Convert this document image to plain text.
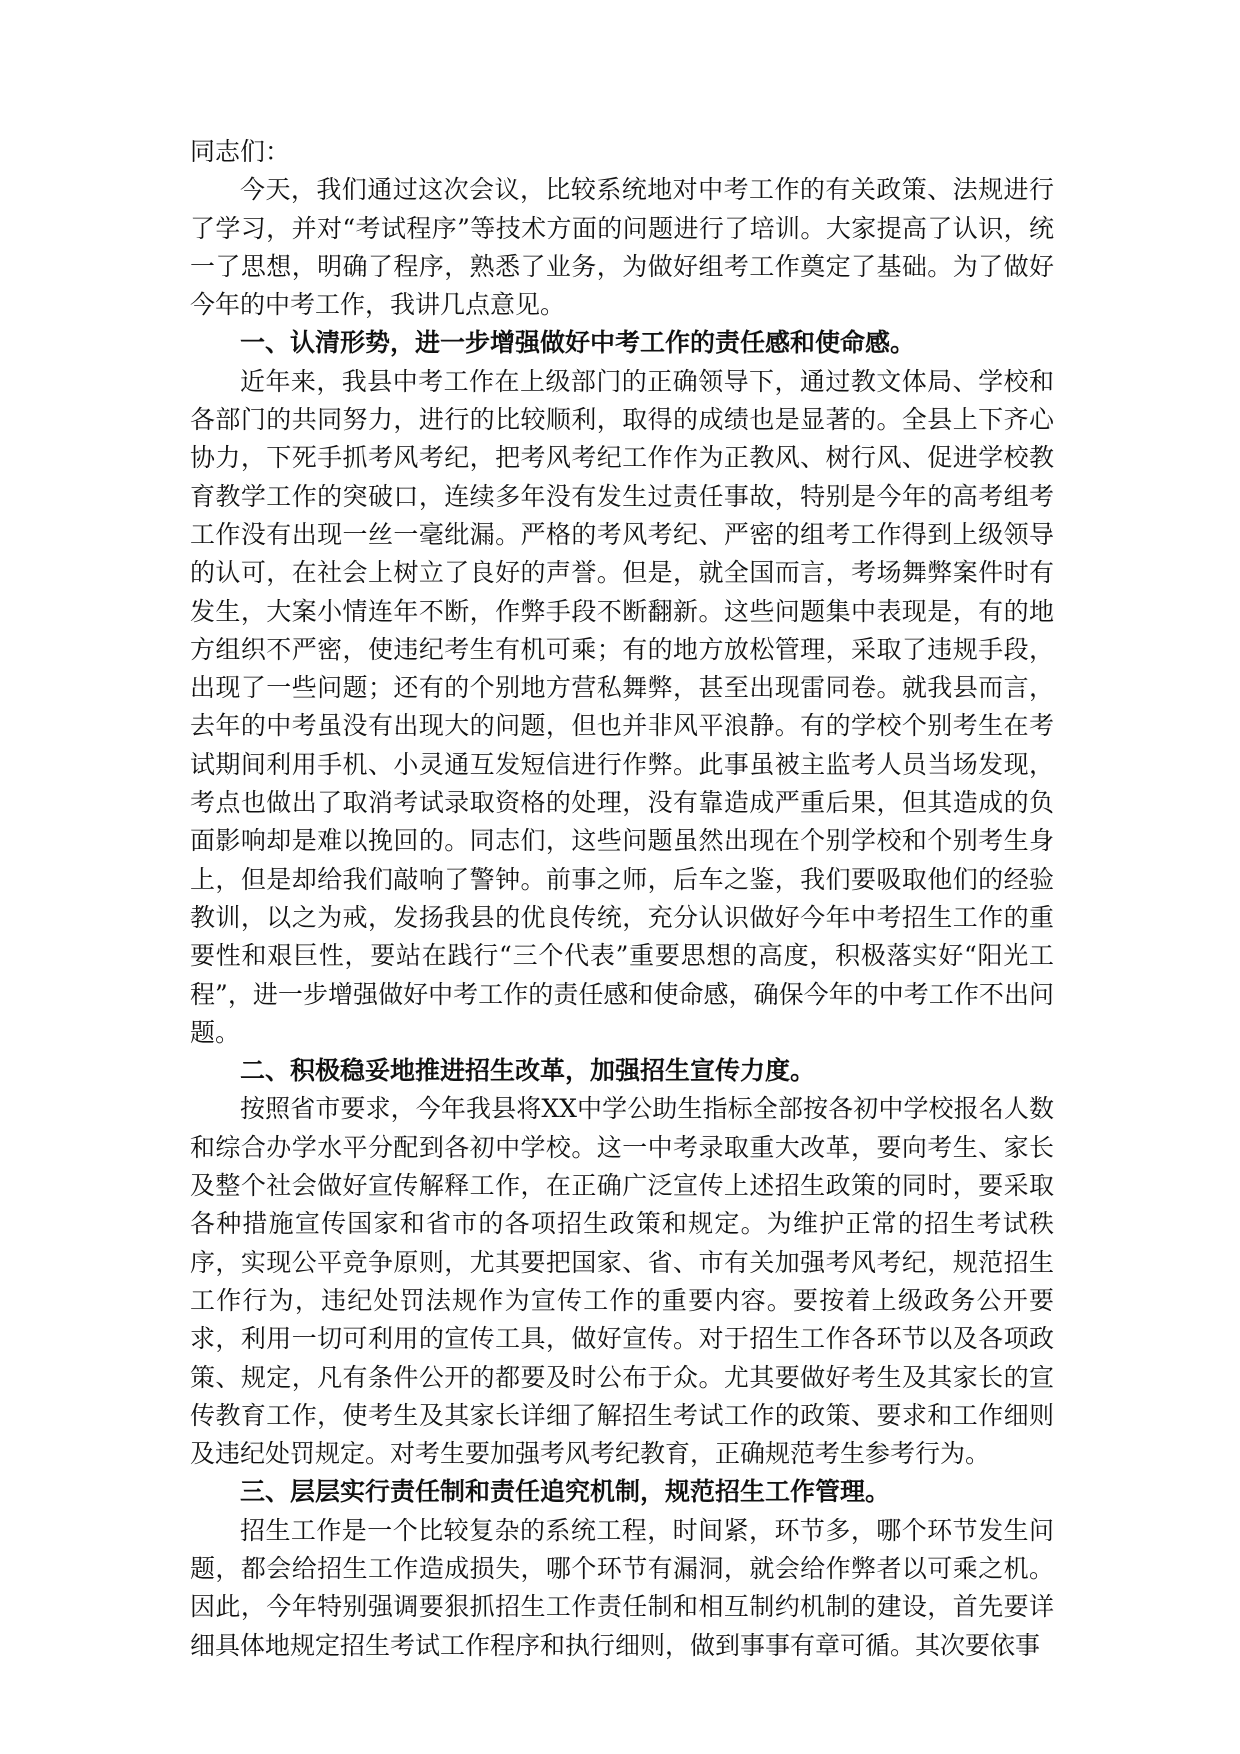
同志们：

今天，我们通过这次会议，比较系统地对中考工作的有关政策、法规进行了学习，并对“考试程序”等技术方面的问题进行了培训。大家提高了认识，统一了思想，明确了程序，熟悉了业务，为做好组考工作奠定了基础。为了做好今年的中考工作，我讲几点意见。

一、认清形势，进一步增强做好中考工作的责任感和使命感。

近年来，我县中考工作在上级部门的正确领导下，通过教文体局、学校和各部门的共同努力，进行的比较顺利，取得的成绩也是显著的。全县上下齐心协力，下死手抓考风考纪，把考风考纪工作作为正教风、树行风、促进学校教育教学工作的突破口，连续多年没有发生过责任事故，特别是今年的高考组考工作没有出现一丝一毫纰漏。严格的考风考纪、严密的组考工作得到上级领导的认可，在社会上树立了良好的声誉。但是，就全国而言，考场舞弊案件时有发生，大案小情连年不断，作弊手段不断翻新。这些问题集中表现是，有的地方组织不严密，使违纪考生有机可乘；有的地方放松管理，采取了违规手段，出现了一些问题；还有的个别地方营私舞弊，甚至出现雷同卷。就我县而言，去年的中考虽没有出现大的问题，但也并非风平浪静。有的学校个别考生在考试期间利用手机、小灵通互发短信进行作弊。此事虽被主监考人员当场发现，考点也做出了取消考试录取资格的处理，没有靠造成严重后果，但其造成的负面影响却是难以挽回的。同志们，这些问题虽然出现在个别学校和个别考生身上，但是却给我们敲响了警钟。前事之师，后车之鉴，我们要吸取他们的经验教训，以之为戒，发扬我县的优良传统，充分认识做好今年中考招生工作的重要性和艰巨性，要站在践行“三个代表”重要思想的高度，积极落实好“阳光工程”，进一步增强做好中考工作的责任感和使命感，确保今年的中考工作不出问题。

二、积极稳妥地推进招生改革，加强招生宣传力度。

按照省市要求，今年我县将XX中学公助生指标全部按各初中学校报名人数和综合办学水平分配到各初中学校。这一中考录取重大改革，要向考生、家长及整个社会做好宣传解释工作，在正确广泛宣传上述招生政策的同时，要采取各种措施宣传国家和省市的各项招生政策和规定。为维护正常的招生考试秩序，实现公平竞争原则，尤其要把国家、省、市有关加强考风考纪，规范招生工作行为，违纪处罚法规作为宣传工作的重要内容。要按着上级政务公开要求，利用一切可利用的宣传工具，做好宣传。对于招生工作各环节以及各项政策、规定，凡有条件公开的都要及时公布于众。尤其要做好考生及其家长的宣传教育工作，使考生及其家长详细了解招生考试工作的政策、要求和工作细则及违纪处罚规定。对考生要加强考风考纪教育，正确规范考生参考行为。

三、层层实行责任制和责任追究机制，规范招生工作管理。

招生工作是一个比较复杂的系统工程，时间紧，环节多，哪个环节发生问题，都会给招生工作造成损失，哪个环节有漏洞，就会给作弊者以可乘之机。因此，今年特别强调要狠抓招生工作责任制和相互制约机制的建设，首先要详细具体地规定招生考试工作程序和执行细则，做到事事有章可循。其次要依事
